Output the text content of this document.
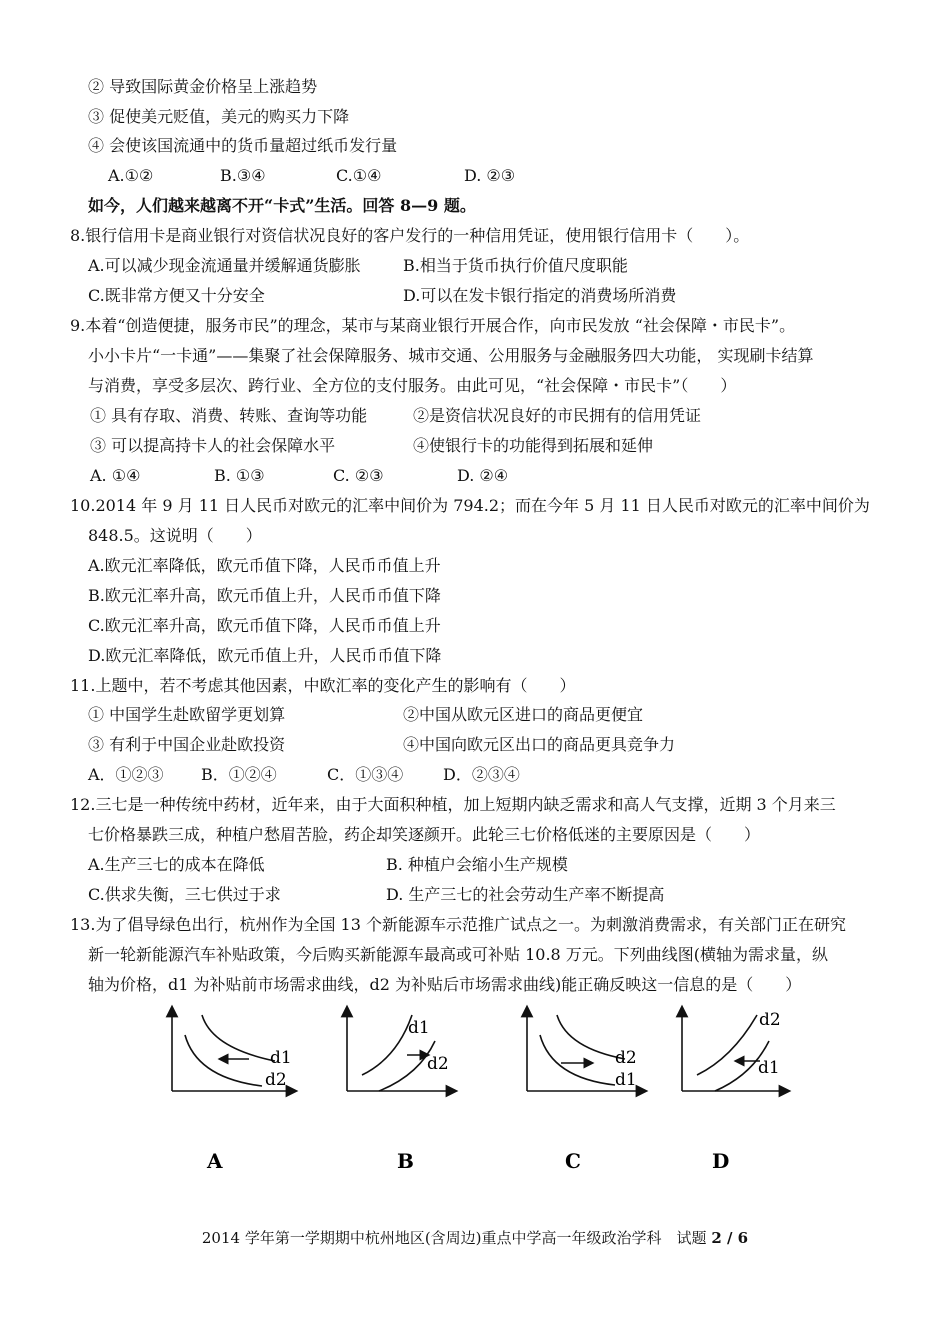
② 导致国际黄金价格呈上涨趋势
③ 促使美元贬值，美元的购买力下降
④ 会使该国流通中的货币量超过纸币发行量
A.①②	B.③④	C.①④	D. ②③
如今，人们越来越离不开“卡式”生活。回答 8—9 题。
8.银行信用卡是商业银行对资信状况良好的客户发行的一种信用凭证，使用银行信用卡（　　）。
A.可以减少现金流通量并缓解通货膨胀	B.相当于货币执行价值尺度职能
C.既非常方便又十分安全	D.可以在发卡银行指定的消费场所消费
9.本着“创造便捷，服务市民”的理念，某市与某商业银行开展合作，向市民发放 “社会保障・市民卡”。
小小卡片“一卡通”——集聚了社会保障服务、城市交通、公用服务与金融服务四大功能， 实现刷卡结算
与消费，享受多层次、跨行业、全方位的支付服务。由此可见，“社会保障・市民卡”（　　）
① 具有存取、消费、转账、查询等功能	②是资信状况良好的市民拥有的信用凭证
③ 可以提高持卡人的社会保障水平	④使银行卡的功能得到拓展和延伸
A. ①④	B. ①③	C. ②③	D. ②④
10.2014 年 9 月 11 日人民币对欧元的汇率中间价为 794.2；而在今年 5 月 11 日人民币对欧元的汇率中间价为
848.5。这说明（　　）
A.欧元汇率降低，欧元币值下降，人民币币值上升
B.欧元汇率升高，欧元币值上升，人民币币值下降
C.欧元汇率升高，欧元币值下降，人民币币值上升
D.欧元汇率降低，欧元币值上升，人民币币值下降
11.上题中，若不考虑其他因素，中欧汇率的变化产生的影响有（　　）
① 中国学生赴欧留学更划算	②中国从欧元区进口的商品更便宜
③ 有利于中国企业赴欧投资	④中国向欧元区出口的商品更具竞争力
A．①②③ B．①②④	C．①③④ D．②③④
12.三七是一种传统中药材，近年来，由于大面积种植，加上短期内缺乏需求和高人气支撑，近期 3 个月来三
七价格暴跌三成，种植户愁眉苦脸，药企却笑逐颜开。此轮三七价格低迷的主要原因是（　　）
A.生产三七的成本在降低	B. 种植户会缩小生产规模
C.供求失衡，三七供过于求	D. 生产三七的社会劳动生产率不断提高
13.为了倡导绿色出行，杭州作为全国 13 个新能源车示范推广试点之一。为刺激消费需求，有关部门正在研究
新一轮新能源汽车补贴政策，今后购买新能源车最高或可补贴 10.8 万元。下列曲线图(横轴为需求量，纵
轴为价格，d1 为补贴前市场需求曲线，d2 为补贴后市场需求曲线)能正确反映这一信息的是（　　）
d1
d2
A
d1
d2
B
d2
d1
C
d2
d1
D
2014 学年第一学期期中杭州地区(含周边)重点中学高一年级政治学科　试题 2 / 6
